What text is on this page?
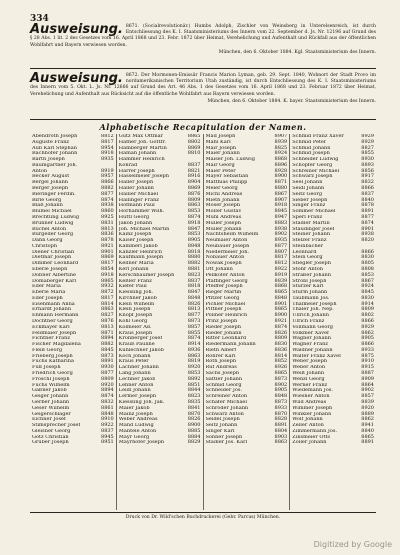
334
Ausweisung. 8671. (Socialrevolutionär.) Humbs Adolph, Zischler von Weinsberg in Unterelsenreich, ist durch Entschliessung des K. I. Staatsministeriums des Innern vom 22. September d. Js. Nr. 12196 auf Grund des § 28 Abs. 1 lit. 2 des Gesetzes vom 16. April 1868 und 23. Febr. 1872 über Heimat, Verehelichung und Aufenthalt und Rückfall aus der öffentlichen Wohlfahrt und Bayern verwiesen worden.
München, den 6. Oktober 1884. Kgl. Staatsministerium des Innern.
Ausweisung. 8672. Der Mormonen-Emissär Francis Marion Lyman, geb. 29. Sept. 1840, Wohnort der Stadt Provo im nordamerikanischen Territorium Utah zuständig, ist durch Entschliessung des K. I. Staatsministeriums des Innern vom 5. Okt. L. Js. Nr. 12666 auf Grund des Art. 46 Abs. 1 des Gesetzes vom 16. April 1868 und 23. Februar 1872 über Heimat, Verehelichung und Aufenthalt aus Rücksicht auf die öffentliche Wohlfahrt aus Bayern verwiesen worden.
München, den 6. Oktober 1884. K. bayer. Staatsministerium des Innern.
Alphabetische Recapitulation der Namen.
Abendroth Joseph	8812
Auguste Franz	8817
Aub Karl Stephan	8954
Bachhofer Johann	8918
Barth Joseph	8935
Baumgartner Joh.
Anton	8919
Becker August	8957
Bergel Johann	8866
Berger Joseph	8882
Bieringer Ferdin.	8877
Birle Georg	8874
Blaß Johann	8938
Blümel Michael	8860
Brechtling Ludwig	8925
Brunner Ludwig	8831
Büchel Anton	8813
Burgeder Georg	8836
Dahn Georg	8878
Christoph	8921
Diener Christian	8901
Dietmar Joseph	8869
Dimmer Leonhard	8817
Eberle Joseph	8854
Dobner Albertine	8918
Domaberger Karl	8865
Eder Maria	8932
Eberle Maria	8872
Eder Joseph	8817
Eisenmann Anna	8814
Erhardt Johann	8863
Ehmann Hermann	8827
Dochtner Georg	8876
Eckmayer Karl	8813
Feldmaier Joseph	8871
Fichtner Franz	8894
Fischer Magdalena	8882
Fleiß Georg	8845
Frieberg Joseph	8873
Fuchs Katharina	8891
Fuß Joseph	8930
Friedrich Georg	8877
Fröschl Joseph	8809
Fuchs Wilhelm	8920
Gaßner Jakob	8894
Geiger Johann	8874
Gerber Johann	8832
Geser Wilhelm	8861
Geigerschläger	8848
Eichner Josef	8910
Stimsprecher Josef	8922
Gleisner Georg	8837
Gotz Christian	8945
Gruber Joseph	8951
Gutz Max Ottmar	8865
Hafner Joh. Gottfr.	8802
Hamberger Martin	8869
Haman Johann	8810
Hammer Heinrich
Konrad	8837
Harrer Joseph	8821
Hasselmeier Joseph	8916
Haller Joseph	8904
Haller Johann	8869
Hallier Michael	8876
Hallinger Franz	8809
Hofmann Paul	8863
Hörhammer Wilh.	8853
Hüttl Georg	8874
Jakob Johann	8918
Joh. Michael Martin	8847
Kainz Joseph	8853
Kaiser Joseph	8905
Kämmerl Jakob	8848
Kanzler Heinrich	8818
Kaufmann Joseph	8880
Kellner Maria	8882
Kerl Johann	8881
Kerschbaumer Joseph	8823
Keßler Franz	8837
Kiefer Paul	8818
Kiessling Joh.	8847
Kirchner Jakob	8848
Klein Wilhelm	8826
Klein Joseph	8813
Knopf Joseph	8877
Kohl Georg	8873
Kölmeier Ad.	8857
Kraus Joseph	8855
Kronberger Josef	8874
Krauß Pauline	8914
Kühlechner Jakob	8936
Koch Johann	8863
Kraus Peter	8819
Lachner Johann	8920
Lang Johann	8853
Lechner Jakob	8892
Lehner Anton	8851
Leidl Johann	8844
Lermer Joseph	8823
Kiessling Joh. Jak.	8835
Maier Jakob	8841
Mainz Joseph	8870
Weber Andreas	8826
Mand Ludwig	8900
Mantele Anton	8885
Mayr Georg	8884
Mayrhofer Joseph	8829
Mad Joseph	8907
Mahl Karl	8939
Mair Joseph	8825
Maier Johann	8924
Maiser Joh. Ludwig	8868
Mair Georg	8896
Maier Peter	8928
Mayer Sebastian	8900
Matthias Philipp	8871
Meier Georg	8880
Michl Andreas	8867
Mieth Johann	8907
Moser Joseph	8918
Möller Gustav	8845
Mühl Andreas	8947
Müller Joseph	8883
Müller Johann	8938
Nachtsheim Wilhelm	8902
Neumaier Anton	8935
Neubauer Joseph	8877
Niedermeier Joh.	8807
Nöbauer Anton	8817
Nowak Joseph	8812
Ott Johann	8922
Pellkofer Anton	8919
Pfaffinger Georg	8839
Pfeiffer Joseph	8868
Rieger Martin	8865
Pfitzer Georg	8848
Pichler Michael	8901
Pittner Joseph	8865
Pöllner Heinrich	8900
Prinz Joseph	8921
Rieder Joseph	8874
Rieder Johann	8826
Ritter Leonhard	8809
Riedermann Johann	8830
Rieth Albert	8836
Rohrer Karl	8814
Roth Joseph	8852
Ruf Andreas	8926
Sachs Joseph	8865
Sattler Johann	8873
Schmid Georg	8902
Schneider Jos.	8905
Schreiner Anton	8848
Schäfer Michael	8873
Schröder Johann	8933
Schwarz Anton	8870
Seidel Joseph	8828
Seitz Johann	8891
Singer Karl	8804
Sonner Joseph	8903
Stadler Jos. Karl	8863
Schmid Franz Xaver	8929
Schmid Peter	8929
Schmid Johann	8827
Schmid Joseph	8855
Schneider Ludwig	8930
Schöpfer Georg	8893
Schreiner Michael	8856
Schwarz Joseph	8917
Seel Johann	8832
Seidl Johann	8866
Seitz Georg	8837
Sieber Joseph	8840
Singer Franz	8878
Sommer Michael	8891
Sperl Franz	8877
Stadler Martin	8874
Staudinger Josef	8901
Steiner Johann	8938
Stelzer Franz	8820
Steinbacher
Leonhard	8866
Stein Georg	8830
Stiegler Joseph	8805
Stöhr Anton	8808
Straßer Johann	8853
Strobl Joseph	8867
Stürzer Karl	8924
Sturm Johann	8845
Taubmann Jos.	8830
Thalmeier Joseph	8914
Thaler Joh. Nep.	8809
Ullrich Johann	8802
Ulrich Franz	8866
Vollmann Georg	8929
Volkmer Xaver	8862
Wagner Johann	8905
Wagner Franz	8866
Waldner Johann	8933
Walter Franz Xaver	8875
Weber Joseph	8910
Weber Anton	8915
Weiß Johann	8887
Wenzl Georg	8909
Werner Franz	8864
Wiedemann Jos.	8902
Wiesner Anton	8857
Wild Andreas	8839
Wimmer Joseph	8920
Winkler Johann	8889
Wolf Johann	8862
Zeller Anton	8941
Zimmermann Jos.	8840
Zinsmeier Otto	8865
Zoller Johann	8891
Druck von Dr. Wild'schen Buchdruckerei (Gebr. Parcus) München.
Digitized by Google
